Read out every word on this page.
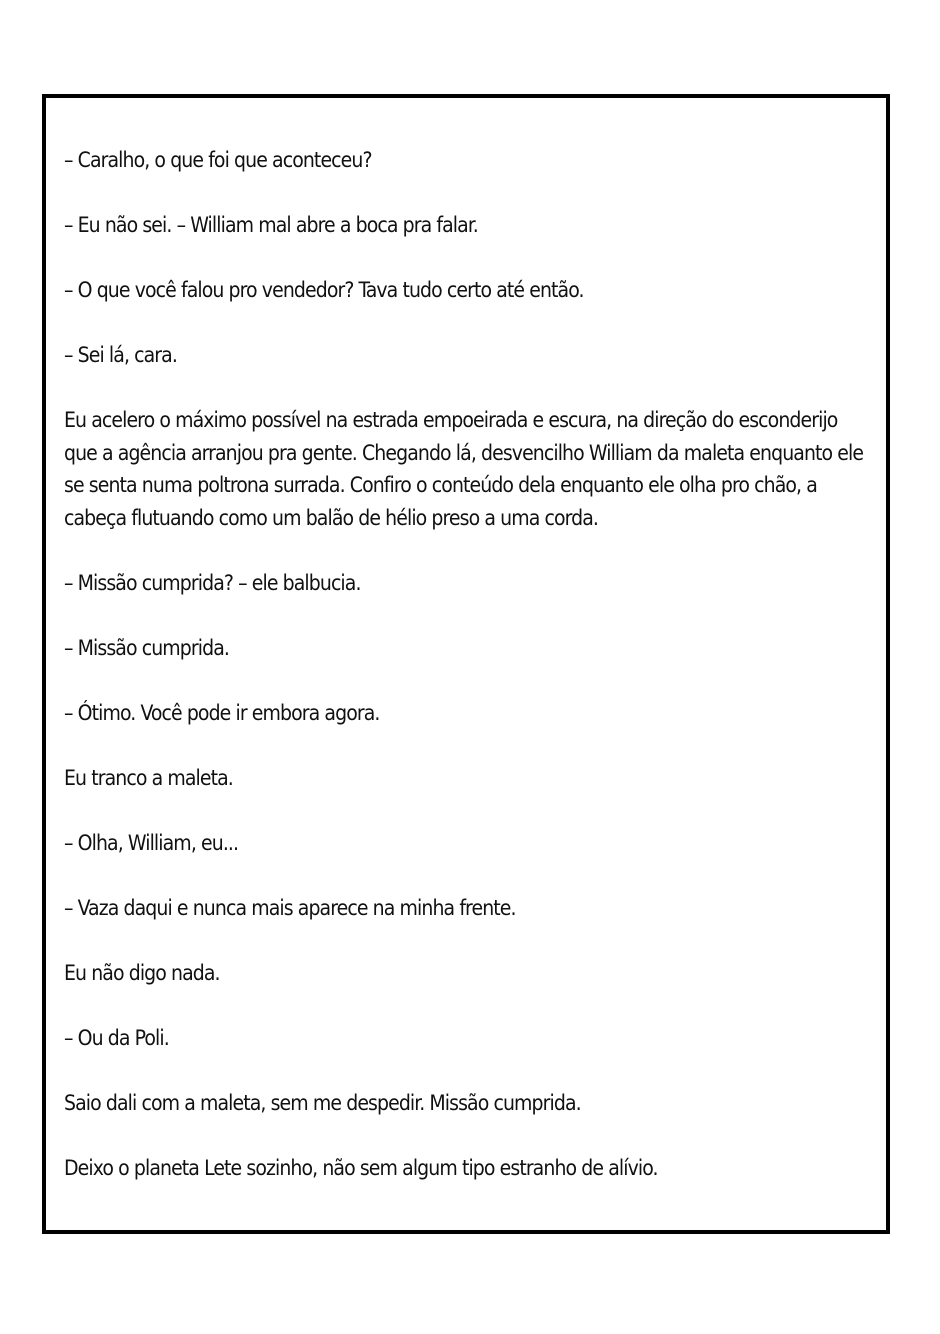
– Caralho, o que foi que aconteceu?

– Eu não sei. – William mal abre a boca pra falar.

– O que você falou pro vendedor? Tava tudo certo até então.

– Sei lá, cara.

Eu acelero o máximo possível na estrada empoeirada e escura, na direção do esconderijo que a agência arranjou pra gente. Chegando lá, desvencilho William da maleta enquanto ele se senta numa poltrona surrada. Confiro o conteúdo dela enquanto ele olha pro chão, a cabeça flutuando como um balão de hélio preso a uma corda.

– Missão cumprida? – ele balbucia.

– Missão cumprida.

– Ótimo. Você pode ir embora agora.

Eu tranco a maleta.

– Olha, William, eu...

– Vaza daqui e nunca mais aparece na minha frente.

Eu não digo nada.

– Ou da Poli.

Saio dali com a maleta, sem me despedir. Missão cumprida.

Deixo o planeta Lete sozinho, não sem algum tipo estranho de alívio.
